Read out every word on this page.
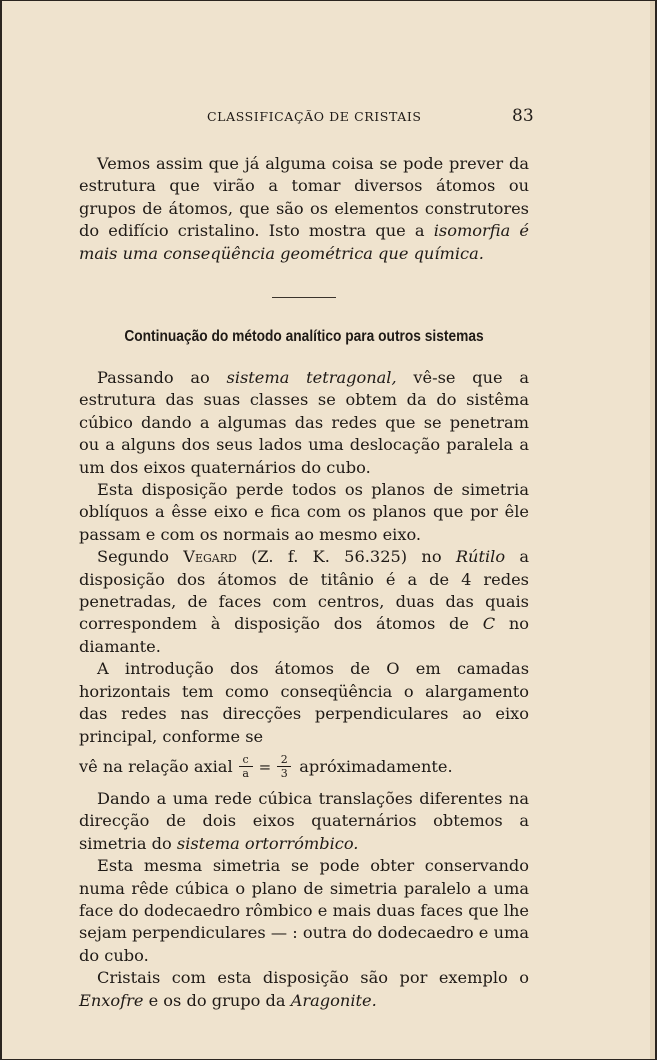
CLASSIFICAÇÃO DE CRISTAIS	83

Vemos assim que já alguma coisa se pode prever da estrutura que virão a tomar diversos átomos ou grupos de átomos, que são os elementos construtores do edifício cristalino. Isto mostra que a isomorfia é mais uma conseqüência geométrica que química.

Continuação do método analítico para outros sistemas

Passando ao sistema tetragonal, vê-se que a estrutura das suas classes se obtem da do sistêma cúbico dando a algumas das redes que se penetram ou a alguns dos seus lados uma deslocação paralela a um dos eixos quaternários do cubo.

Esta disposição perde todos os planos de simetria oblíquos a êsse eixo e fica com os planos que por êle passam e com os normais ao mesmo eixo.

Segundo Vegard (Z. f. K. 56.325) no Rútilo a disposição dos átomos de titânio é a de 4 redes penetradas, de faces com centros, duas das quais correspondem à disposição dos átomos de C no diamante.

A introdução dos átomos de O em camadas horizontais tem como conseqüência o alargamento das redes nas direcções perpendiculares ao eixo principal, conforme se

vê na relação axial $\frac{c}{a} = \frac{2}{3}$ apróximadamente.

Dando a uma rede cúbica translações diferentes na direcção de dois eixos quaternários obtemos a simetria do sistema ortorrómbico.

Esta mesma simetria se pode obter conservando numa rêde cúbica o plano de simetria paralelo a uma face do dodecaedro rômbico e mais duas faces que lhe sejam perpendiculares — : outra do dodecaedro e uma do cubo.

Cristais com esta disposição são por exemplo o Enxofre e os do grupo da Aragonite.
